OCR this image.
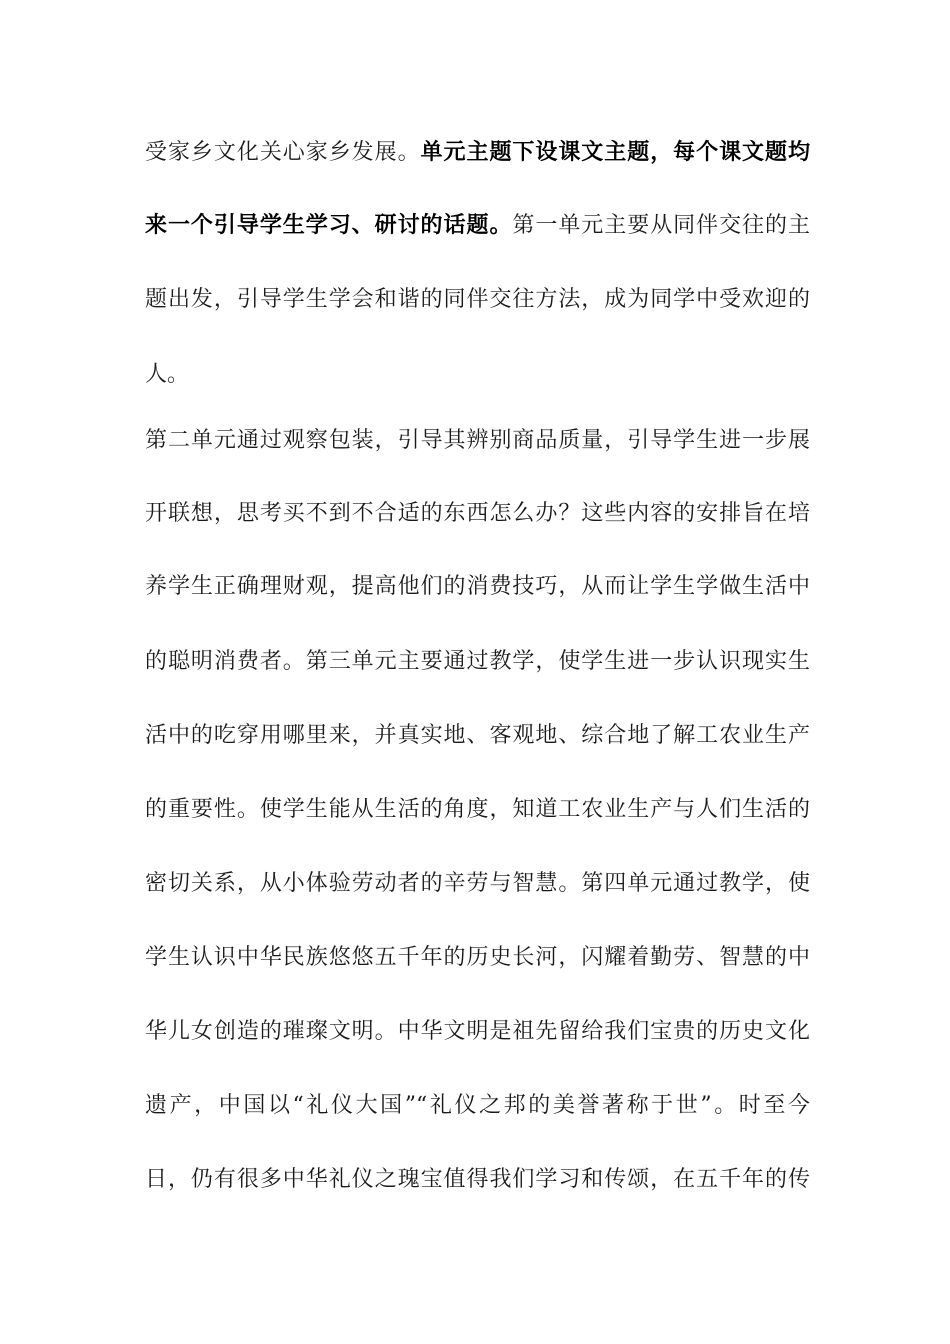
受家乡文化关心家乡发展。单元主题下设课文主题，每个课文题均
来一个引导学生学习、研讨的话题。第一单元主要从同伴交往的主
题出发，引导学生学会和谐的同伴交往方法，成为同学中受欢迎的
人。
第二单元通过观察包装，引导其辨别商品质量，引导学生进一步展
开联想，思考买不到不合适的东西怎么办？这些内容的安排旨在培
养学生正确理财观，提高他们的消费技巧，从而让学生学做生活中
的聪明消费者。第三单元主要通过教学，使学生进一步认识现实生
活中的吃穿用哪里来，并真实地、客观地、综合地了解工农业生产
的重要性。使学生能从生活的角度，知道工农业生产与人们生活的
密切关系，从小体验劳动者的辛劳与智慧。第四单元通过教学，使
学生认识中华民族悠悠五千年的历史长河，闪耀着勤劳、智慧的中
华儿女创造的璀璨文明。中华文明是祖先留给我们宝贵的历史文化
遗产，中国以“礼仪大国”“礼仪之邦的美誉著称于世”。时至今
日，仍有很多中华礼仪之瑰宝值得我们学习和传颂，在五千年的传
